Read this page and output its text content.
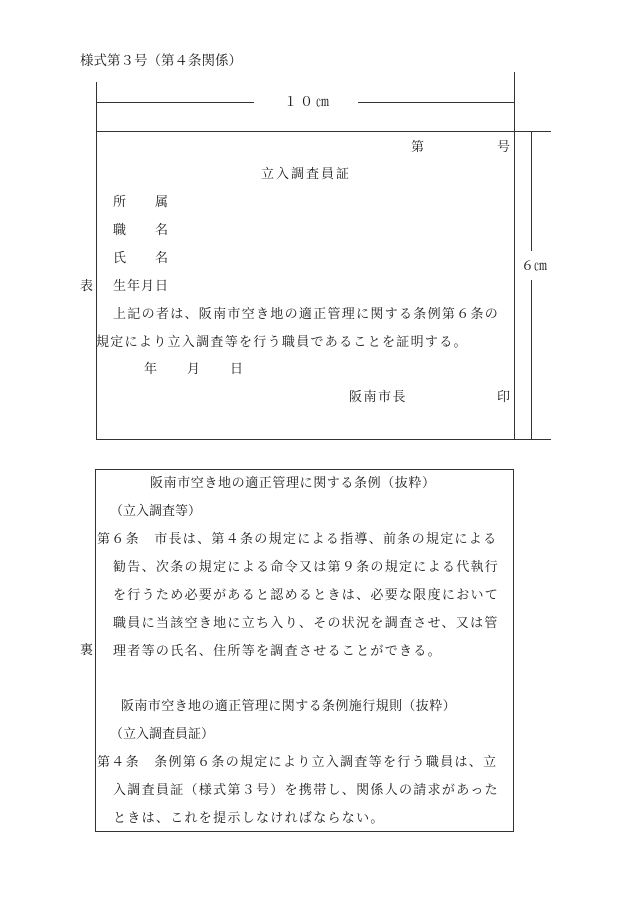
様式第３号（第４条関係）
１０㎝
６㎝
第	号
立入調査員証
所 属
職 名
氏 名
表 生年月日
上記の者は、阪南市空き地の適正管理に関する条例第６条の
規定により立入調査等を行う職員であることを証明する。
年 月 日
阪南市長	印
裏
阪南市空き地の適正管理に関する条例（抜粋）
（立入調査等）
第６条　市長は、第４条の規定による指導、前条の規定による
勧告、次条の規定による命令又は第９条の規定による代執行
を行うため必要があると認めるときは、必要な限度において
職員に当該空き地に立ち入り、その状況を調査させ、又は管
理者等の氏名、住所等を調査させることができる。
阪南市空き地の適正管理に関する条例施行規則（抜粋）
（立入調査員証）
第４条　条例第６条の規定により立入調査等を行う職員は、立
入調査員証（様式第３号）を携帯し、関係人の請求があった
ときは、これを提示しなければならない。
